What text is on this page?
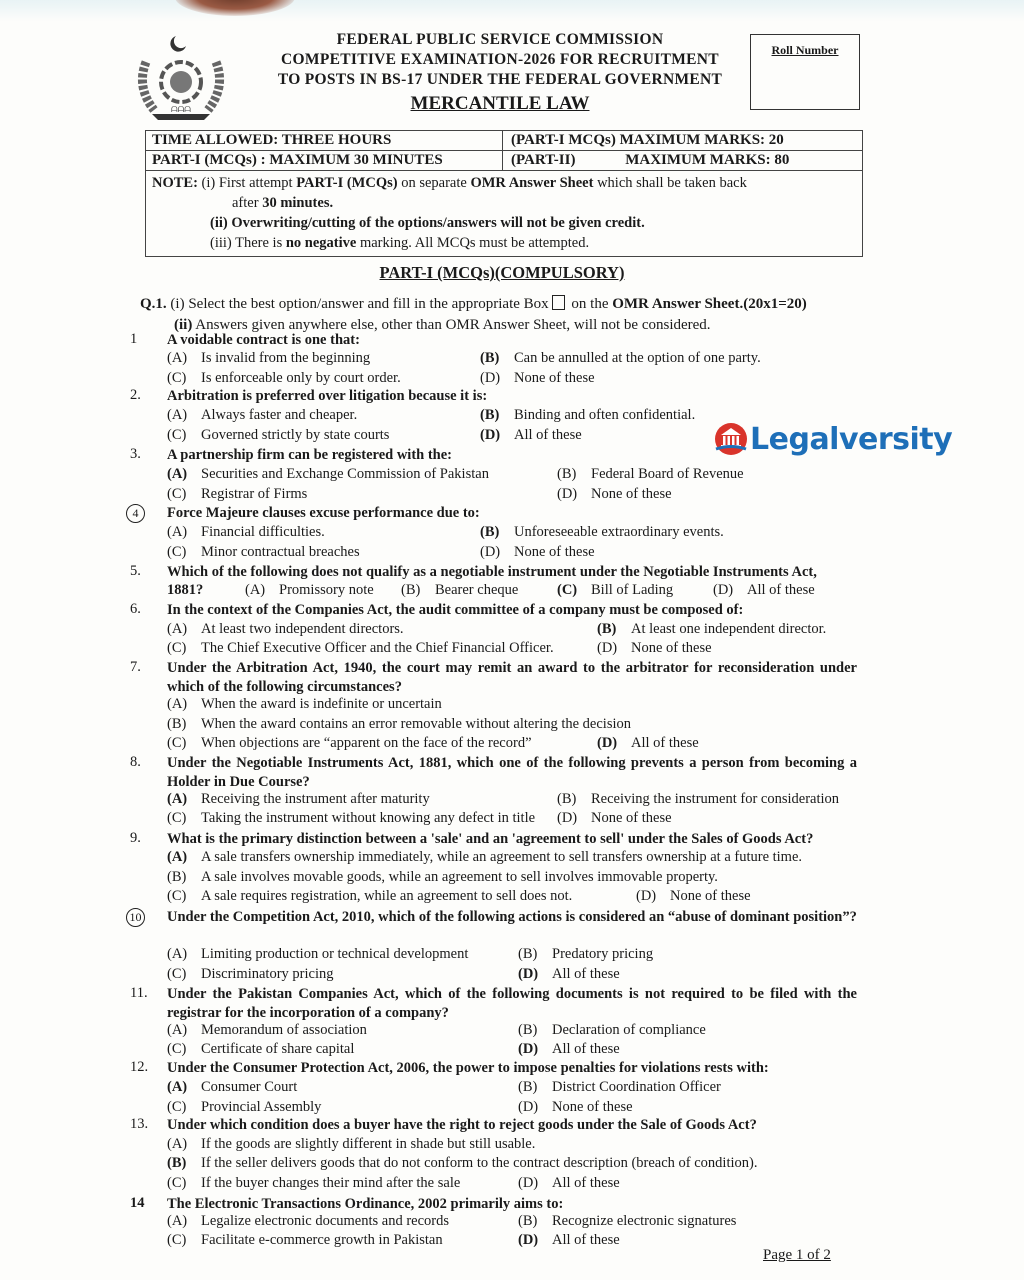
ᗩᗩᗩ
FEDERAL PUBLIC SERVICE COMMISSION
COMPETITIVE EXAMINATION-2026 FOR RECRUITMENT
TO POSTS IN BS-17 UNDER THE FEDERAL GOVERNMENT
MERCANTILE LAW
Roll Number
TIME ALLOWED: THREE HOURS	(PART-I MCQs) MAXIMUM MARKS: 20
PART-I (MCQs) : MAXIMUM 30 MINUTES	(PART-II)	MAXIMUM MARKS: 80
NOTE: (i) First attempt PART-I (MCQs) on separate OMR Answer Sheet which shall be taken back
after 30 minutes.
(ii) Overwriting/cutting of the options/answers will not be given credit.
(iii) There is no negative marking. All MCQs must be attempted.
PART-I (MCQs)(COMPULSORY)
Q.1. (i) Select the best option/answer and fill in the appropriate Box on the OMR Answer Sheet.(20x1=20)
(ii) Answers given anywhere else, other than OMR Answer Sheet, will not be considered.
Legalversity
1	A voidable contract is one that:
(A) Is invalid from the beginning	(B) Can be annulled at the option of one party.
(C) Is enforceable only by court order.	(D) None of these
2.	Arbitration is preferred over litigation because it is:
(A) Always faster and cheaper.	(B) Binding and often confidential.
(C) Governed strictly by state courts	(D) All of these
3.	A partnership firm can be registered with the:
(A) Securities and Exchange Commission of Pakistan	(B) Federal Board of Revenue
(C) Registrar of Firms	(D) None of these
4	Force Majeure clauses excuse performance due to:
(A) Financial difficulties.	(B) Unforeseeable extraordinary events.
(C) Minor contractual breaches	(D) None of these
5.	Which of the following does not qualify as a negotiable instrument under the Negotiable Instruments Act,
1881?	(A) Promissory note (B) Bearer cheque	(C) Bill of Lading	(D) All of these
6.	In the context of the Companies Act, the audit committee of a company must be composed of:
(A) At least two independent directors.	(B) At least one independent director.
(C) The Chief Executive Officer and the Chief Financial Officer.	(D) None of these
7.	Under the Arbitration Act, 1940, the court may remit an award to the arbitrator for reconsideration under which of the following circumstances?
(A) When the award is indefinite or uncertain
(B) When the award contains an error removable without altering the decision
(C) When objections are “apparent on the face of the record”	(D) All of these
8.	Under the Negotiable Instruments Act, 1881, which one of the following prevents a person from becoming a Holder in Due Course?
(A) Receiving the instrument after maturity	(B) Receiving the instrument for consideration
(C) Taking the instrument without knowing any defect in title (D) None of these
9.	What is the primary distinction between a 'sale' and an 'agreement to sell' under the Sales of Goods Act?
(A) A sale transfers ownership immediately, while an agreement to sell transfers ownership at a future time.
(B) A sale involves movable goods, while an agreement to sell involves immovable property.
(C) A sale requires registration, while an agreement to sell does not.	(D) None of these
10	Under the Competition Act, 2010, which of the following actions is considered an “abuse of dominant position”?
(A) Limiting production or technical development	(B) Predatory pricing
(C) Discriminatory pricing	(D) All of these
11.	Under the Pakistan Companies Act, which of the following documents is not required to be filed with the registrar for the incorporation of a company?
(A) Memorandum of association	(B) Declaration of compliance
(C) Certificate of share capital	(D) All of these
12.	Under the Consumer Protection Act, 2006, the power to impose penalties for violations rests with:
(A) Consumer Court	(B) District Coordination Officer
(C) Provincial Assembly	(D) None of these
13.	Under which condition does a buyer have the right to reject goods under the Sale of Goods Act?
(A) If the goods are slightly different in shade but still usable.
(B) If the seller delivers goods that do not conform to the contract description (breach of condition).
(C) If the buyer changes their mind after the sale	(D) All of these
14	The Electronic Transactions Ordinance, 2002 primarily aims to:
(A) Legalize electronic documents and records	(B) Recognize electronic signatures
(C) Facilitate e-commerce growth in Pakistan	(D) All of these
Page 1 of 2
